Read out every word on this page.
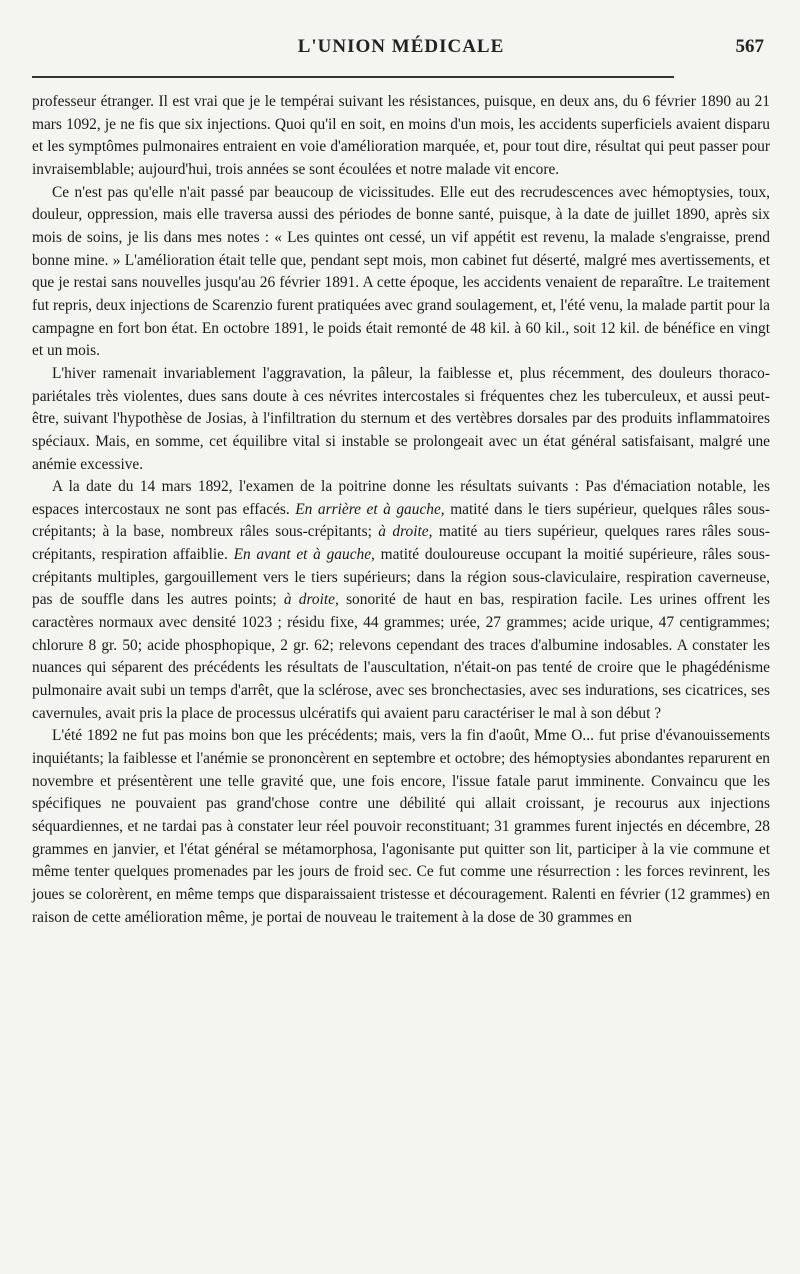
L'UNION MÉDICALE	567

professeur étranger. Il est vrai que je le tempérai suivant les résistances, puisque, en deux ans, du 6 février 1890 au 21 mars 1092, je ne fis que six injections. Quoi qu'il en soit, en moins d'un mois, les accidents superficiels avaient disparu et les symptômes pulmonaires entraient en voie d'amélioration marquée, et, pour tout dire, résultat qui peut passer pour invraisemblable; aujourd'hui, trois années se sont écoulées et notre malade vit encore.

Ce n'est pas qu'elle n'ait passé par beaucoup de vicissitudes. Elle eut des recrudescences avec hémoptysies, toux, douleur, oppression, mais elle traversa aussi des périodes de bonne santé, puisque, à la date de juillet 1890, après six mois de soins, je lis dans mes notes : « Les quintes ont cessé, un vif appétit est revenu, la malade s'engraisse, prend bonne mine. » L'amélioration était telle que, pendant sept mois, mon cabinet fut déserté, malgré mes avertissements, et que je restai sans nouvelles jusqu'au 26 février 1891. A cette époque, les accidents venaient de reparaître. Le traitement fut repris, deux injections de Scarenzio furent pratiquées avec grand soulagement, et, l'été venu, la malade partit pour la campagne en fort bon état. En octobre 1891, le poids était remonté de 48 kil. à 60 kil., soit 12 kil. de bénéfice en vingt et un mois.

L'hiver ramenait invariablement l'aggravation, la pâleur, la faiblesse et, plus récemment, des douleurs thoraco-pariétales très violentes, dues sans doute à ces névrites intercostales si fréquentes chez les tuberculeux, et aussi peut-être, suivant l'hypothèse de Josias, à l'infiltration du sternum et des vertèbres dorsales par des produits inflammatoires spéciaux. Mais, en somme, cet équilibre vital si instable se prolongeait avec un état général satisfaisant, malgré une anémie excessive.

A la date du 14 mars 1892, l'examen de la poitrine donne les résultats suivants : Pas d'émaciation notable, les espaces intercostaux ne sont pas effacés. En arrière et à gauche, matité dans le tiers supérieur, quelques râles sous-crépitants; à la base, nombreux râles sous-crépitants; à droite, matité au tiers supérieur, quelques rares râles sous-crépitants, respiration affaiblie. En avant et à gauche, matité douloureuse occupant la moitié supérieure, râles sous-crépitants multiples, gargouillement vers le tiers supérieurs; dans la région sous-claviculaire, respiration caverneuse, pas de souffle dans les autres points; à droite, sonorité de haut en bas, respiration facile. Les urines offrent les caractères normaux avec densité 1023 ; résidu fixe, 44 grammes; urée, 27 grammes; acide urique, 47 centigrammes; chlorure 8 gr. 50; acide phosphopique, 2 gr. 62; relevons cependant des traces d'albumine indosables. A constater les nuances qui séparent des précédents les résultats de l'auscultation, n'était-on pas tenté de croire que le phagédénisme pulmonaire avait subi un temps d'arrêt, que la sclérose, avec ses bronchectasies, avec ses indurations, ses cicatrices, ses cavernules, avait pris la place de processus ulcératifs qui avaient paru caractériser le mal à son début ?

L'été 1892 ne fut pas moins bon que les précédents; mais, vers la fin d'août, Mme O... fut prise d'évanouissements inquiétants; la faiblesse et l'anémie se prononcèrent en septembre et octobre; des hémoptysies abondantes reparurent en novembre et présentèrent une telle gravité que, une fois encore, l'issue fatale parut imminente. Convaincu que les spécifiques ne pouvaient pas grand'chose contre une débilité qui allait croissant, je recourus aux injections séquardiennes, et ne tardai pas à constater leur réel pouvoir reconstituant; 31 grammes furent injectés en décembre, 28 grammes en janvier, et l'état général se métamorphosa, l'agonisante put quitter son lit, participer à la vie commune et même tenter quelques promenades par les jours de froid sec. Ce fut comme une résurrection : les forces revinrent, les joues se colorèrent, en même temps que disparaissaient tristesse et découragement. Ralenti en février (12 grammes) en raison de cette amélioration même, je portai de nouveau le traitement à la dose de 30 grammes en
